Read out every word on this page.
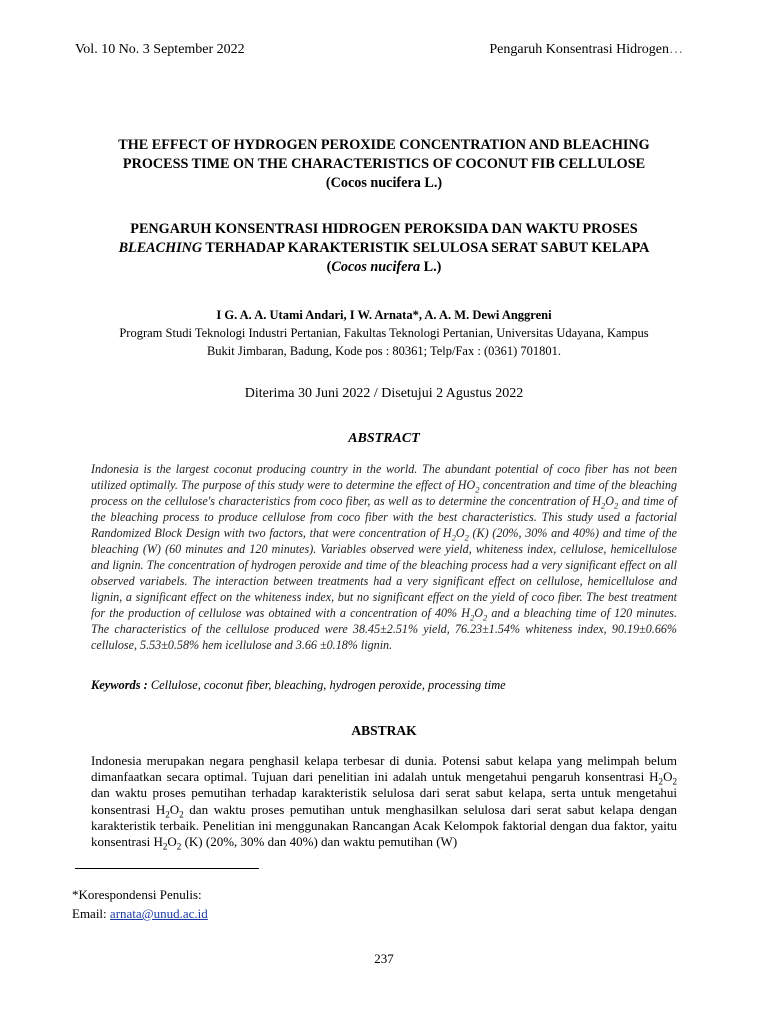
Vol. 10 No. 3 September 2022	Pengaruh Konsentrasi Hidrogen…
THE EFFECT OF HYDROGEN PEROXIDE CONCENTRATION AND BLEACHING
PROCESS TIME ON THE CHARACTERISTICS OF COCONUT FIB CELLULOSE
(Cocos nucifera L.)
PENGARUH KONSENTRASI HIDROGEN PEROKSIDA DAN WAKTU PROSES
BLEACHING TERHADAP KARAKTERISTIK SELULOSA SERAT SABUT KELAPA
(Cocos nucifera L.)
I G. A. A. Utami Andari, I W. Arnata*, A. A. M. Dewi Anggreni
Program Studi Teknologi Industri Pertanian, Fakultas Teknologi Pertanian, Universitas Udayana, Kampus
Bukit Jimbaran, Badung, Kode pos : 80361; Telp/Fax : (0361) 701801.
Diterima 30 Juni 2022 / Disetujui 2 Agustus 2022
ABSTRACT
Indonesia is the largest coconut producing country in the world. The abundant potential of coco fiber has not been utilized optimally. The purpose of this study were to determine the effect of $HO_2$ concentration and time of the bleaching process on the cellulose's characteristics from coco fiber, as well as to determine the concentration of $H_2O_2$ and time of the bleaching process to produce cellulose from coco fiber with the best characteristics. This study used a factorial Randomized Block Design with two factors, that were concentration of $H_2O_2$ (K) (20%, 30% and 40%) and time of the bleaching (W) (60 minutes and 120 minutes). Variables observed were yield, whiteness index, cellulose, hemicellulose and lignin. The concentration of hydrogen peroxide and time of the bleaching process had a very significant effect on all observed variabels. The interaction between treatments had a very significant effect on cellulose, hemicellulose and lignin, a significant effect on the whiteness index, but no significant effect on the yield of coco fiber. The best treatment for the production of cellulose was obtained with a concentration of 40% $H_2O_2$ and a bleaching time of 120 minutes. The characteristics of the cellulose produced were 38.45±2.51% yield, 76.23±1.54% whiteness index, 90.19±0.66% cellulose, 5.53±0.58% hem icellulose and 3.66 ±0.18% lignin.
Keywords : Cellulose, coconut fiber, bleaching, hydrogen peroxide, processing time
ABSTRAK
Indonesia merupakan negara penghasil kelapa terbesar di dunia. Potensi sabut kelapa yang melimpah belum dimanfaatkan secara optimal. Tujuan dari penelitian ini adalah untuk mengetahui pengaruh konsentrasi $H_2O_2$ dan waktu proses pemutihan terhadap karakteristik selulosa dari serat sabut kelapa, serta untuk mengetahui konsentrasi $H_2O_2$ dan waktu proses pemutihan untuk menghasilkan selulosa dari serat sabut kelapa dengan karakteristik terbaik. Penelitian ini menggunakan Rancangan Acak Kelompok faktorial dengan dua faktor, yaitu konsentrasi $H_2O_2$ (K) (20%, 30% dan 40%) dan waktu pemutihan (W)
*Korespondensi Penulis:
Email: arnata@unud.ac.id
237
